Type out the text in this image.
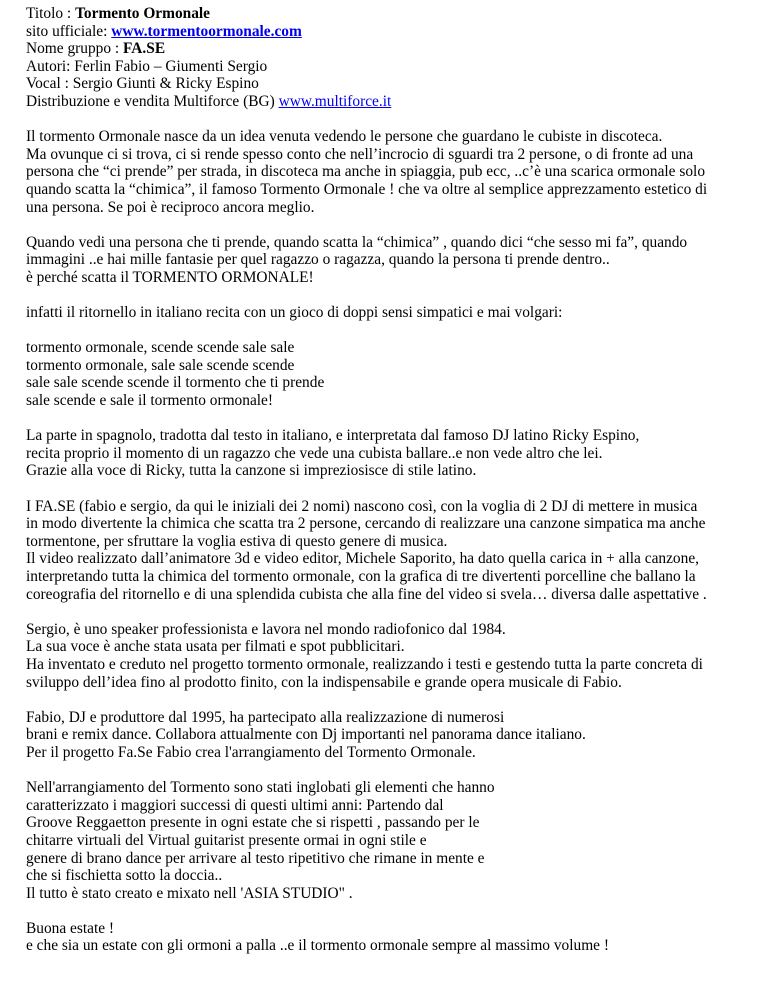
Titolo : Tormento Ormonale
sito ufficiale: www.tormentoormonale.com
Nome gruppo : FA.SE
Autori: Ferlin Fabio – Giumenti Sergio
Vocal : Sergio Giunti & Ricky Espino
Distribuzione e vendita Multiforce (BG) www.multiforce.it
Il tormento Ormonale nasce da un idea venuta vedendo le persone che guardano le cubiste in discoteca.
Ma ovunque ci si trova, ci si rende spesso conto che nell’incrocio di sguardi tra 2 persone, o di fronte ad una
persona che “ci prende” per strada, in discoteca ma anche in spiaggia, pub ecc, ..c’è una scarica ormonale solo
quando scatta la “chimica”, il famoso Tormento Ormonale ! che va oltre al semplice apprezzamento estetico di
una persona. Se poi è reciproco ancora meglio.
Quando vedi una persona che ti prende, quando scatta la “chimica” , quando dici “che sesso mi fa”, quando
immagini ..e hai mille fantasie per quel ragazzo o ragazza, quando la persona ti prende dentro..
è perché scatta il TORMENTO ORMONALE!
infatti il ritornello in italiano recita con un gioco di doppi sensi simpatici e mai volgari:
tormento ormonale, scende scende sale sale
tormento ormonale, sale sale scende scende
sale sale scende scende il tormento che ti prende
sale scende e sale il tormento ormonale!
La parte in spagnolo, tradotta dal testo in italiano, e interpretata dal famoso DJ latino Ricky Espino,
recita proprio il momento di un ragazzo che vede una cubista ballare..e non vede altro che lei.
Grazie alla voce di Ricky, tutta la canzone si impreziosisce di stile latino.
I FA.SE (fabio e sergio, da qui le iniziali dei 2 nomi) nascono così, con la voglia di 2 DJ di mettere in musica
in modo divertente la chimica che scatta tra 2 persone, cercando di realizzare una canzone simpatica ma anche
tormentone, per sfruttare la voglia estiva di questo genere di musica.
Il video realizzato dall’animatore 3d e video editor, Michele Saporito, ha dato quella carica in + alla canzone,
interpretando tutta la chimica del tormento ormonale, con la grafica di tre divertenti porcelline che ballano la
coreografia del ritornello e di una splendida cubista che alla fine del video si svela… diversa dalle aspettative .
Sergio, è uno speaker professionista e lavora nel mondo radiofonico dal 1984.
La sua voce è anche stata usata per filmati e spot pubblicitari.
Ha inventato e creduto nel progetto tormento ormonale, realizzando i testi e gestendo tutta la parte concreta di
sviluppo dell’idea fino al prodotto finito, con la indispensabile e grande opera musicale di Fabio.
Fabio, DJ e produttore dal 1995, ha partecipato alla realizzazione di numerosi
brani e remix dance. Collabora attualmente con Dj importanti nel panorama dance italiano.
Per il progetto Fa.Se Fabio crea l'arrangiamento del Tormento Ormonale.
Nell'arrangiamento del Tormento sono stati inglobati gli elementi che hanno
caratterizzato i maggiori successi di questi ultimi anni: Partendo dal
Groove Reggaetton presente in ogni estate che si rispetti , passando per le
chitarre virtuali del Virtual guitarist presente ormai in ogni stile e
genere di brano dance per arrivare al testo ripetitivo che rimane in mente e
che si fischietta sotto la doccia..
Il tutto è stato creato e mixato nell 'ASIA STUDIO" .
Buona estate !
e che sia un estate con gli ormoni a palla ..e il tormento ormonale sempre al massimo volume !
